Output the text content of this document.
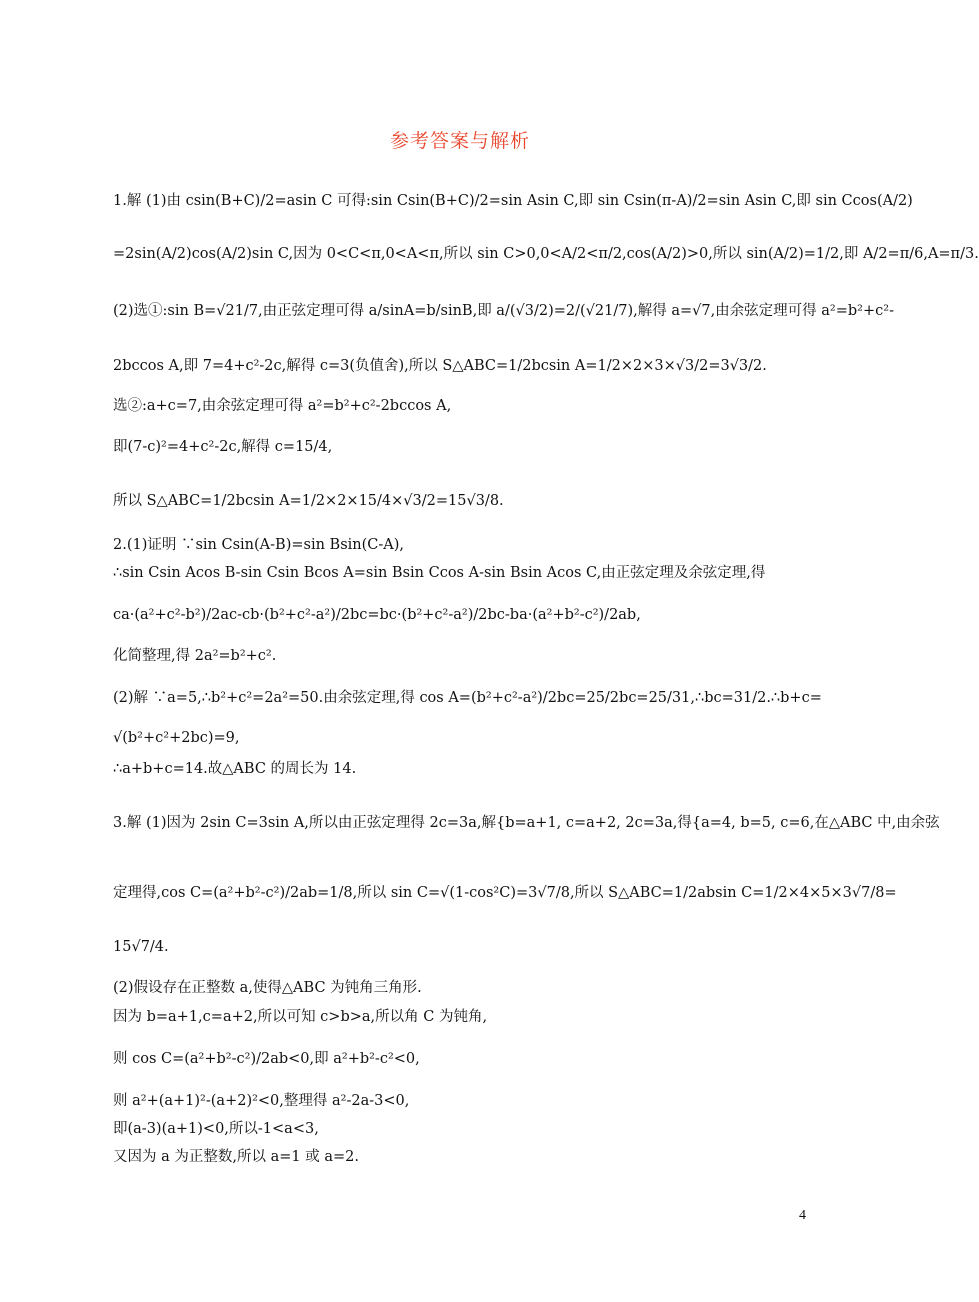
参考答案与解析
1.解 (1)由 csin(B+C)/2=asin C 可得:sin Csin(B+C)/2=sin Asin C,即 sin Csin(π-A)/2=sin Asin C,即 sin Ccos(A/2)
=2sin(A/2)cos(A/2)sin C,因为 0<C<π,0<A<π,所以 sin C>0,0<A/2<π/2,cos(A/2)>0,所以 sin(A/2)=1/2,即 A/2=π/6,A=π/3.
(2)选①:sin B=√21/7,由正弦定理可得 a/sinA=b/sinB,即 a/(√3/2)=2/(√21/7),解得 a=√7,由余弦定理可得 a²=b²+c²-
2bccos A,即 7=4+c²-2c,解得 c=3(负值舍),所以 S△ABC=1/2bcsin A=1/2×2×3×√3/2=3√3/2.
选②:a+c=7,由余弦定理可得 a²=b²+c²-2bccos A,
即(7-c)²=4+c²-2c,解得 c=15/4,
所以 S△ABC=1/2bcsin A=1/2×2×15/4×√3/2=15√3/8.
2.(1)证明 ∵sin Csin(A-B)=sin Bsin(C-A),
∴sin Csin Acos B-sin Csin Bcos A=sin Bsin Ccos A-sin Bsin Acos C,由正弦定理及余弦定理,得
ca·(a²+c²-b²)/2ac-cb·(b²+c²-a²)/2bc=bc·(b²+c²-a²)/2bc-ba·(a²+b²-c²)/2ab,
化简整理,得 2a²=b²+c².
(2)解 ∵a=5,∴b²+c²=2a²=50.由余弦定理,得 cos A=(b²+c²-a²)/2bc=25/2bc=25/31,∴bc=31/2.∴b+c=
√(b²+c²+2bc)=9,
∴a+b+c=14.故△ABC 的周长为 14.
3.解 (1)因为 2sin C=3sin A,所以由正弦定理得 2c=3a,解{b=a+1, c=a+2, 2c=3a,得{a=4, b=5, c=6,在△ABC 中,由余弦
定理得,cos C=(a²+b²-c²)/2ab=1/8,所以 sin C=√(1-cos²C)=3√7/8,所以 S△ABC=1/2absin C=1/2×4×5×3√7/8=
15√7/4.
(2)假设存在正整数 a,使得△ABC 为钝角三角形.
因为 b=a+1,c=a+2,所以可知 c>b>a,所以角 C 为钝角,
则 cos C=(a²+b²-c²)/2ab<0,即 a²+b²-c²<0,
则 a²+(a+1)²-(a+2)²<0,整理得 a²-2a-3<0,
即(a-3)(a+1)<0,所以-1<a<3,
又因为 a 为正整数,所以 a=1 或 a=2.
4
